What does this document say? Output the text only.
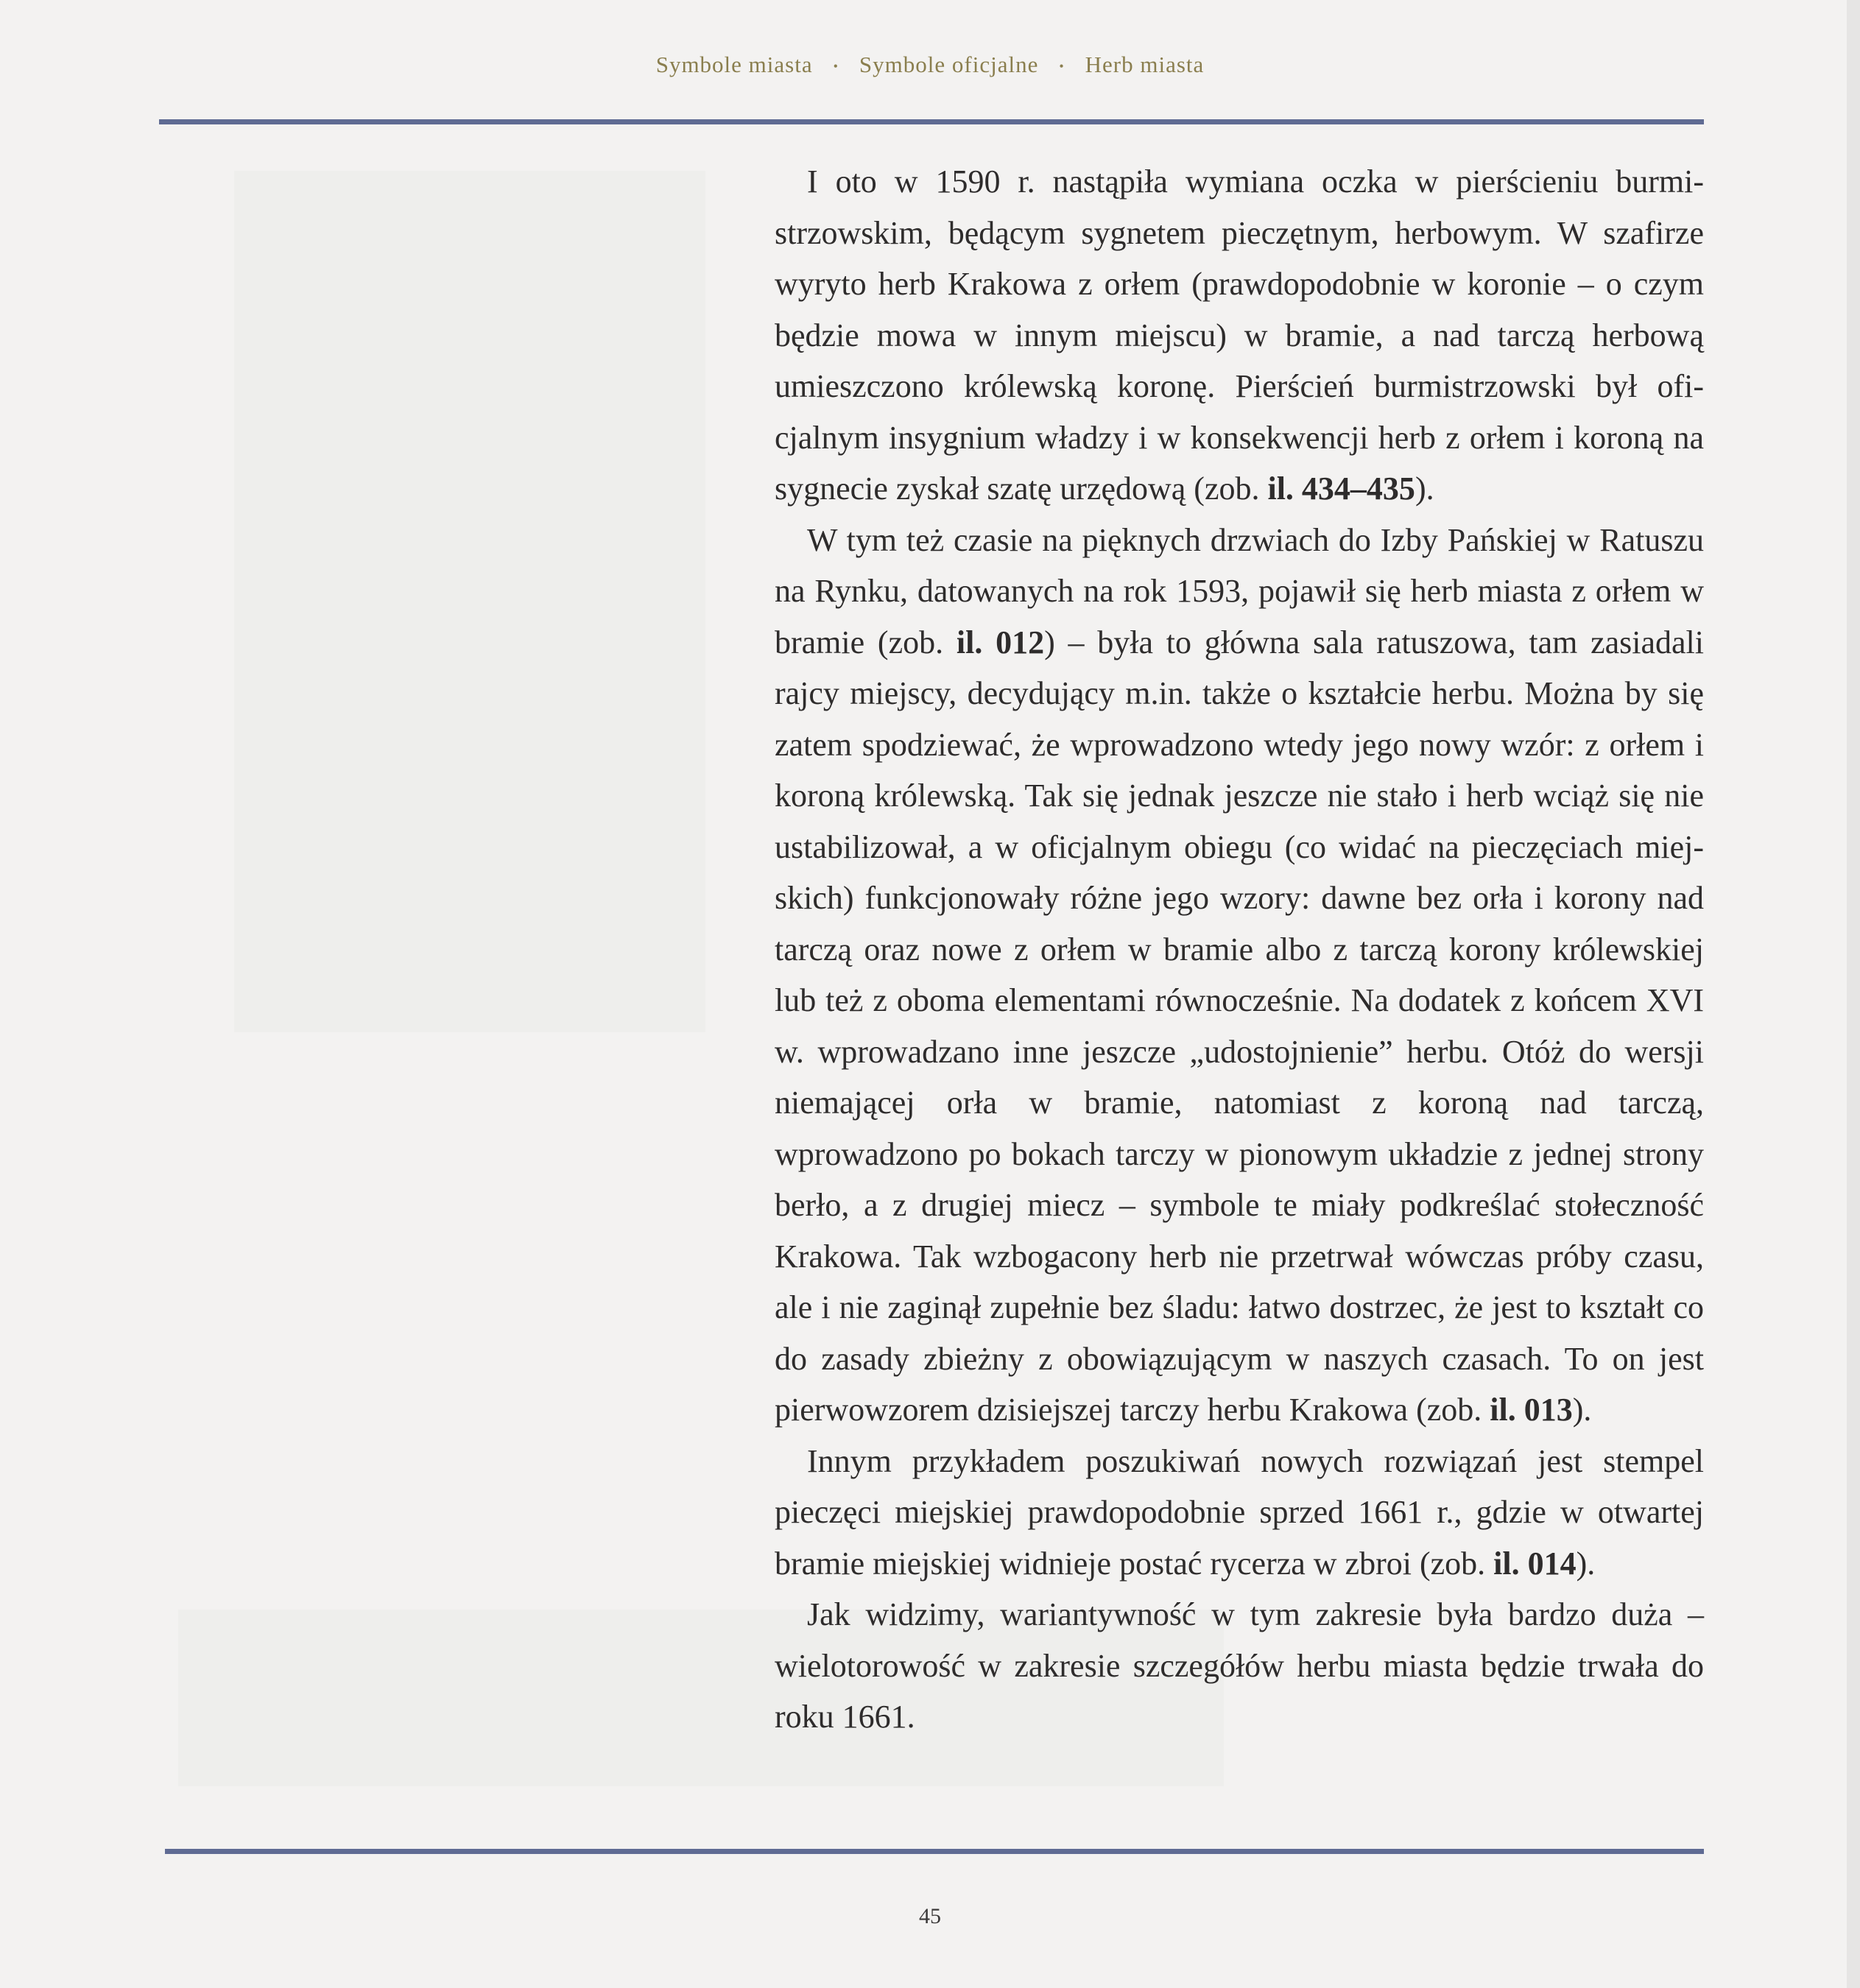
Symbole miasta • Symbole oficjalne • Herb miasta

I oto w 1590 r. nastąpiła wymiana oczka w pierścieniu burmistrzowskim, będącym sygnetem pieczętnym, herbowym. W szafirze wyryto herb Krakowa z orłem (prawdopodobnie w koronie – o czym będzie mowa w innym miejscu) w bramie, a nad tarczą herbową umieszczono królewską koronę. Pierścień burmistrzowski był oficjalnym insygnium władzy i w konsekwencji herb z orłem i koroną na sygnecie zyskał szatę urzędową (zob. il. 434–435).

W tym też czasie na pięknych drzwiach do Izby Pańskiej w Ratuszu na Rynku, datowanych na rok 1593, pojawił się herb miasta z orłem w bramie (zob. il. 012) – była to główna sala ratuszowa, tam zasiadali rajcy miejscy, decydujący m.in. także o kształcie herbu. Można by się zatem spodziewać, że wprowadzono wtedy jego nowy wzór: z orłem i koroną królewską. Tak się jednak jeszcze nie stało i herb wciąż się nie ustabilizował, a w oficjalnym obiegu (co widać na pieczęciach miejskich) funkcjonowały różne jego wzory: dawne bez orła i korony nad tarczą oraz nowe z orłem w bramie albo z tarczą korony królewskiej lub też z oboma elementami równocześnie. Na dodatek z końcem XVI w. wprowadzano inne jeszcze „udostojnienie” herbu. Otóż do wersji niemającej orła w bramie, natomiast z koroną nad tarczą, wprowadzono po bokach tarczy w pionowym układzie z jednej strony berło, a z drugiej miecz – symbole te miały podkreślać stołeczność Krakowa. Tak wzbogacony herb nie przetrwał wówczas próby czasu, ale i nie zaginął zupełnie bez śladu: łatwo dostrzec, że jest to kształt co do zasady zbieżny z obowiązującym w naszych czasach. To on jest pierwowzorem dzisiejszej tarczy herbu Krakowa (zob. il. 013).

Innym przykładem poszukiwań nowych rozwiązań jest stempel pieczęci miejskiej prawdopodobnie sprzed 1661 r., gdzie w otwartej bramie miejskiej widnieje postać rycerza w zbroi (zob. il. 014).

Jak widzimy, wariantywność w tym zakresie była bardzo duża – wielotorowość w zakresie szczegółów herbu miasta będzie trwała do roku 1661.

45
